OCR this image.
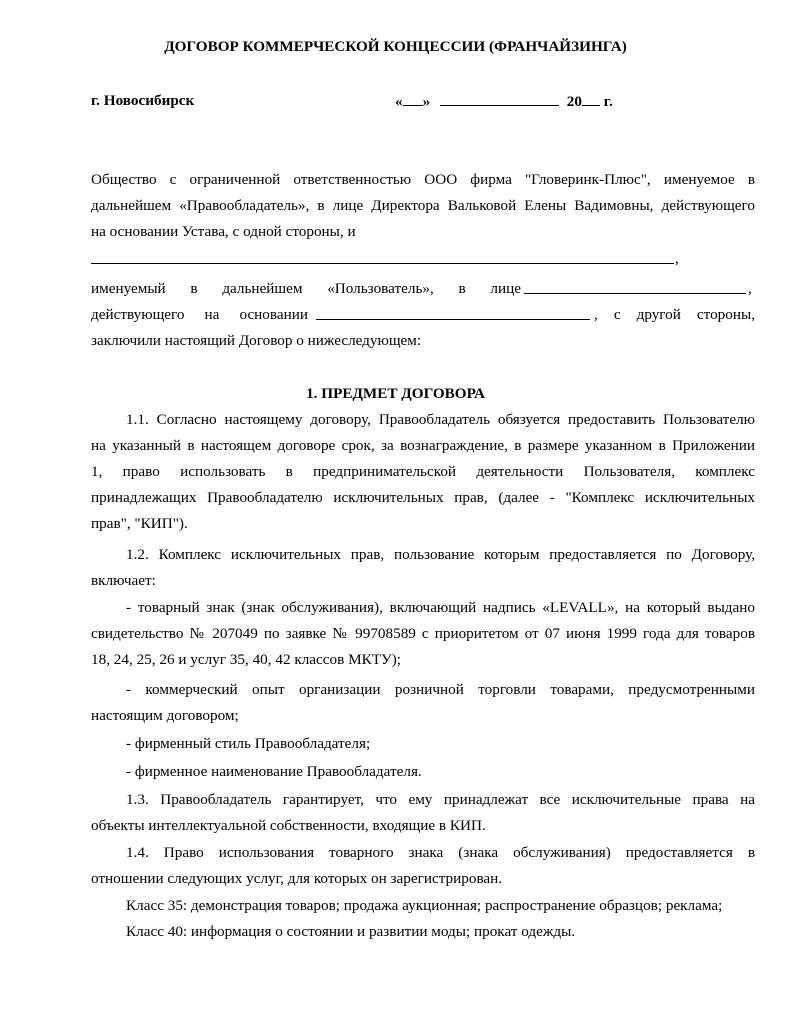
ДОГОВОР КОММЕРЧЕСКОЙ КОНЦЕССИИ (ФРАНЧАЙЗИНГА)
г. Новосибирск	« »	20 г.
Общество с ограниченной ответственностью ООО фирма "Гловеринк-Плюс", именуемое в
дальнейшем «Правообладатель», в лице Директора Вальковой Елены Вадимовны, действующего
на основании Устава, с одной стороны, и
,
именуемый в дальнейшем «Пользователь», в лице	,
действующего на основании	, с другой стороны,
заключили настоящий Договор о нижеследующем:
1. ПРЕДМЕТ ДОГОВОРА
1.1. Согласно настоящему договору, Правообладатель обязуется предоставить Пользователю
на указанный в настоящем договоре срок, за вознаграждение, в размере указанном в Приложении
1, право использовать в предпринимательской деятельности Пользователя, комплекс
принадлежащих Правообладателю исключительных прав, (далее - "Комплекс исключительных
прав", "КИП").
1.2. Комплекс исключительных прав, пользование которым предоставляется по Договору,
включает:
- товарный знак (знак обслуживания), включающий надпись «LEVALL», на который выдано
свидетельство № 207049 по заявке № 99708589 с приоритетом от 07 июня 1999 года для товаров
18, 24, 25, 26 и услуг 35, 40, 42 классов МКТУ);
- коммерческий опыт организации розничной торговли товарами, предусмотренными
настоящим договором;
- фирменный стиль Правообладателя;
- фирменное наименование Правообладателя.
1.3. Правообладатель гарантирует, что ему принадлежат все исключительные права на
объекты интеллектуальной собственности, входящие в КИП.
1.4. Право использования товарного знака (знака обслуживания) предоставляется в
отношении следующих услуг, для которых он зарегистрирован.
Класс 35: демонстрация товаров; продажа аукционная; распространение образцов; реклама;
Класс 40: информация о состоянии и развитии моды; прокат одежды.
